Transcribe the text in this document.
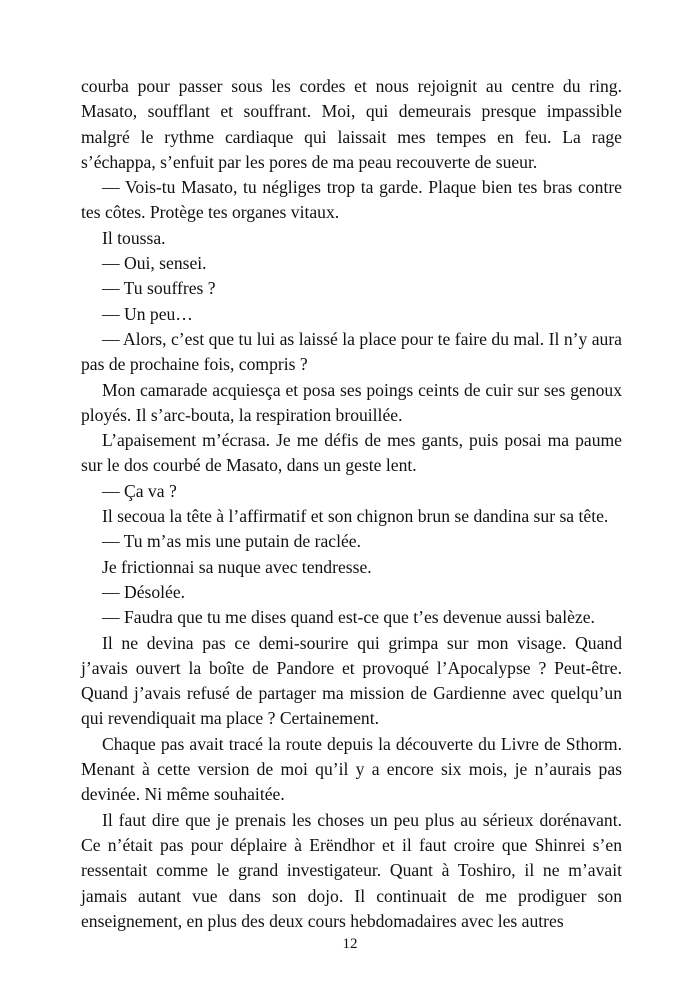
courba pour passer sous les cordes et nous rejoignit au centre du ring. Masato, soufflant et souffrant. Moi, qui demeurais presque impassible malgré le rythme cardiaque qui laissait mes tempes en feu. La rage s’échappa, s’enfuit par les pores de ma peau recouverte de sueur.

— Vois-tu Masato, tu négliges trop ta garde. Plaque bien tes bras contre tes côtes. Protège tes organes vitaux.

Il toussa.

— Oui, sensei.

— Tu souffres ?

— Un peu…

— Alors, c’est que tu lui as laissé la place pour te faire du mal. Il n’y aura pas de prochaine fois, compris ?

Mon camarade acquiesça et posa ses poings ceints de cuir sur ses genoux ployés. Il s’arc-bouta, la respiration brouillée.

L’apaisement m’écrasa. Je me défis de mes gants, puis posai ma paume sur le dos courbé de Masato, dans un geste lent.

— Ça va ?

Il secoua la tête à l’affirmatif et son chignon brun se dandina sur sa tête.

— Tu m’as mis une putain de raclée.

Je frictionnai sa nuque avec tendresse.

— Désolée.

— Faudra que tu me dises quand est-ce que t’es devenue aussi balèze.

Il ne devina pas ce demi-sourire qui grimpa sur mon visage. Quand j’avais ouvert la boîte de Pandore et provoqué l’Apocalypse ? Peut-être. Quand j’avais refusé de partager ma mission de Gardienne avec quelqu’un qui revendiquait ma place ? Certainement.

Chaque pas avait tracé la route depuis la découverte du Livre de Sthorm. Menant à cette version de moi qu’il y a encore six mois, je n’aurais pas devinée. Ni même souhaitée.

Il faut dire que je prenais les choses un peu plus au sérieux dorénavant. Ce n’était pas pour déplaire à Erëndhor et il faut croire que Shinrei s’en ressentait comme le grand investigateur. Quant à Toshiro, il ne m’avait jamais autant vue dans son dojo. Il continuait de me prodiguer son enseignement, en plus des deux cours hebdomadaires avec les autres

12
